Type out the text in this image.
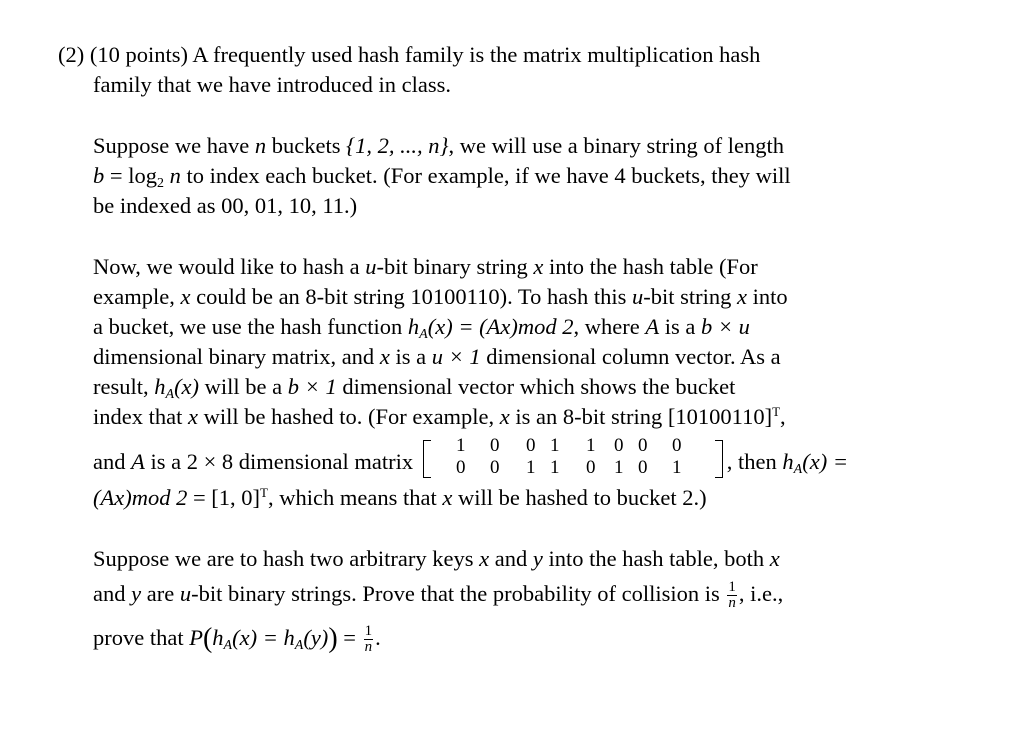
(2) (10 points) A frequently used hash family is the matrix multiplication hash
family that we have introduced in class.
Suppose we have n buckets {1, 2, ..., n}, we will use a binary string of length
$b = \log_2 n$ to index each bucket. (For example, if we have 4 buckets, they will
be indexed as 00, 01, 10, 11.)
Now, we would like to hash a u-bit binary string x into the hash table (For
example, x could be an 8-bit string 10100110). To hash this u-bit string x into
a bucket, we use the hash function $h_A(x) = (Ax)mod$ 2, where A is a b × u
dimensional binary matrix, and x is a u × 1 dimensional column vector. As a
result, $h_A(x)$ will be a b × 1 dimensional vector which shows the bucket
index that x will be hashed to. (For example, x is an 8-bit string $[10100110]^T$,
and A is a 2 × 8 dimensional matrix
1 0 0 1 1 0 0 0
0 0 1 1 0 1 0 1 , then $h_A(x)$ =
(Ax)mod 2 = [1, 0]$^T$, which means that x will be hashed to bucket 2.)
Suppose we are to hash two arbitrary keys x and y into the hash table, both x
and y are u-bit binary strings. Prove that the probability of collision is $\frac{1}{n}$ , i.e.,
prove that $P(h_A(x) = h_A(y)) = \frac{1}{n}$ .
